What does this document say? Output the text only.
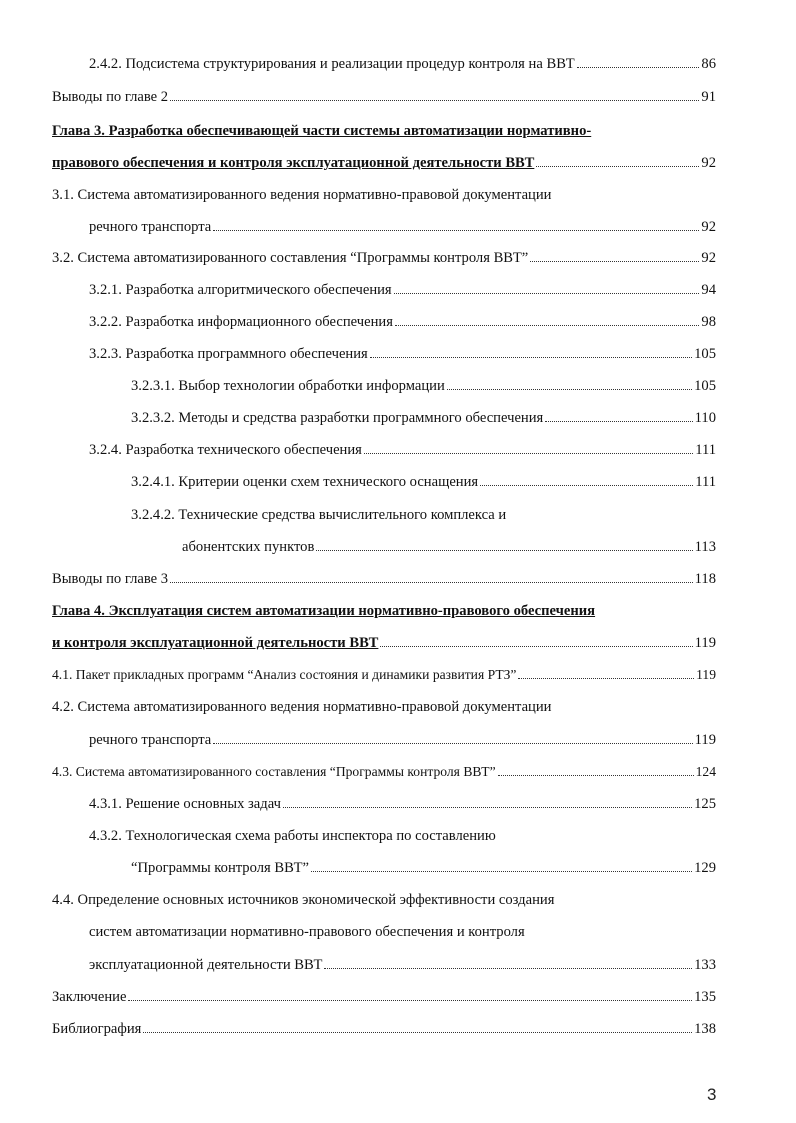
2.4.2. Подсистема структурирования и реализации процедур контроля на ВВТ	86
Выводы по главе 2	91
Глава 3. Разработка обеспечивающей части системы автоматизации нормативно-
правового обеспечения и контроля эксплуатационной деятельности ВВТ	92
3.1. Система автоматизированного ведения нормативно-правовой документации
речного транспорта	92
3.2. Система автоматизированного составления “Программы контроля ВВТ”	92
3.2.1. Разработка алгоритмического обеспечения	94
3.2.2. Разработка информационного обеспечения	98
3.2.3. Разработка программного обеспечения	105
3.2.3.1. Выбор технологии обработки информации	105
3.2.3.2. Методы и средства разработки программного обеспечения	110
3.2.4. Разработка технического обеспечения	111
3.2.4.1. Критерии оценки схем технического оснащения	111
3.2.4.2. Технические средства вычислительного комплекса и
абонентских пунктов	113
Выводы по главе 3	118
Глава 4. Эксплуатация систем автоматизации нормативно-правового обеспечения
и контроля эксплуатационной деятельности ВВТ	119
4.1. Пакет прикладных программ “Анализ состояния и динамики развития РТЗ”	119
4.2. Система автоматизированного ведения нормативно-правовой документации
речного транспорта	119
4.3. Система автоматизированного составления “Программы контроля ВВТ”	124
4.3.1. Решение основных задач	125
4.3.2. Технологическая схема работы инспектора по составлению
“Программы контроля ВВТ”	129
4.4. Определение основных источников экономической эффективности создания
систем автоматизации нормативно-правового обеспечения и контроля
эксплуатационной деятельности ВВТ	133
Заключение	135
Библиография	138
3
